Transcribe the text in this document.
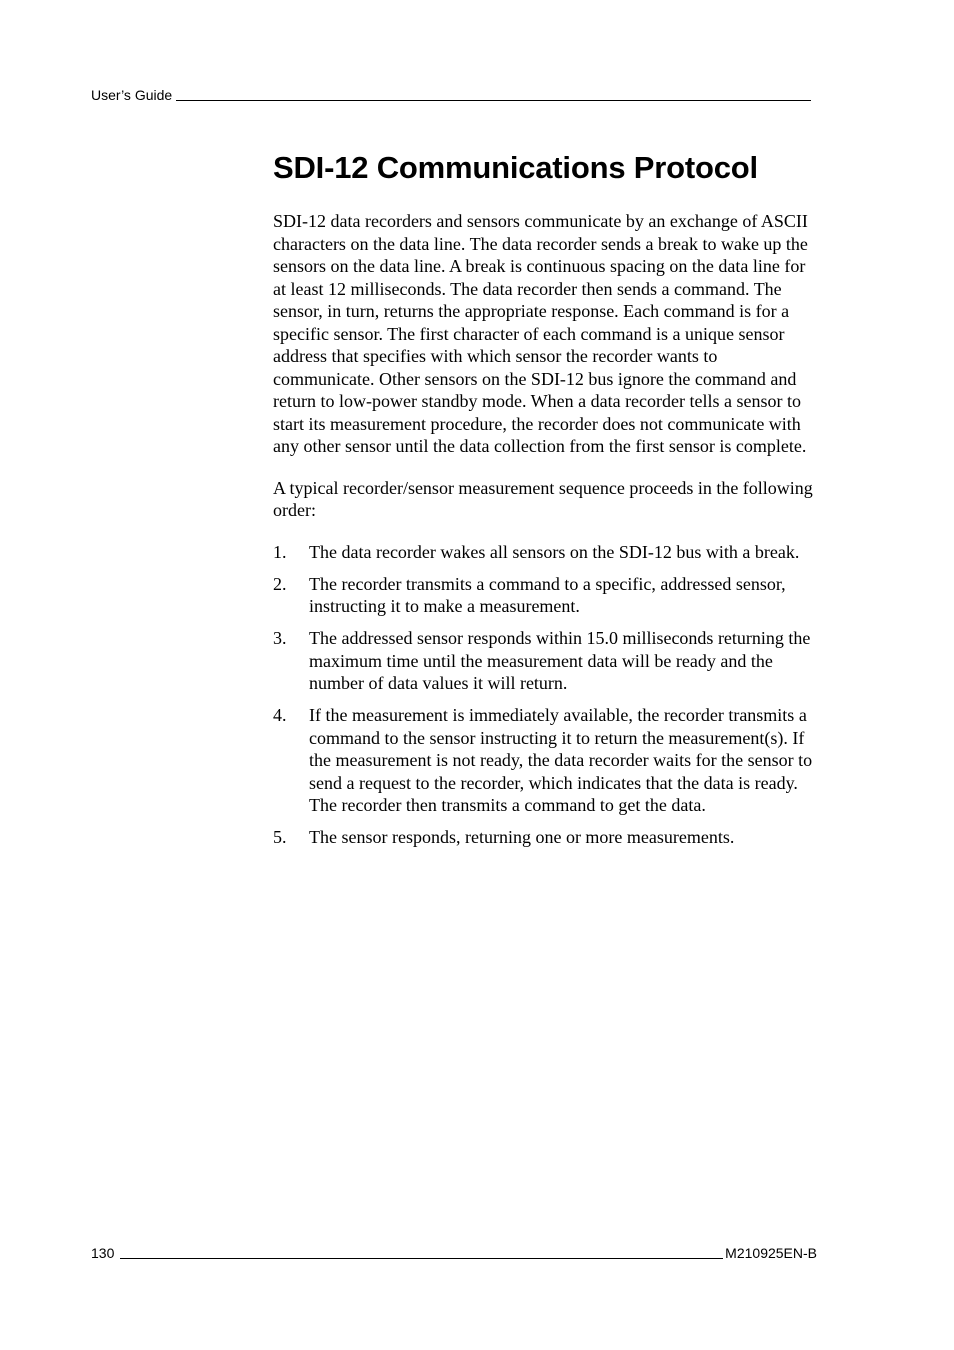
User’s Guide
SDI-12 Communications Protocol

SDI-12 data recorders and sensors communicate by an exchange of ASCII characters on the data line. The data recorder sends a break to wake up the sensors on the data line. A break is continuous spacing on the data line for at least 12 milliseconds. The data recorder then sends a command. The sensor, in turn, returns the appropriate response. Each command is for a specific sensor. The first character of each command is a unique sensor address that specifies with which sensor the recorder wants to communicate. Other sensors on the SDI-12 bus ignore the command and return to low-power standby mode. When a data recorder tells a sensor to start its measurement procedure, the recorder does not communicate with any other sensor until the data collection from the first sensor is complete.

A typical recorder/sensor measurement sequence proceeds in the following order:

1.	The data recorder wakes all sensors on the SDI-12 bus with a break.
2.	The recorder transmits a command to a specific, addressed sensor, instructing it to make a measurement.
3.	The addressed sensor responds within 15.0 milliseconds returning the maximum time until the measurement data will be ready and the number of data values it will return.
4.	If the measurement is immediately available, the recorder transmits a command to the sensor instructing it to return the measurement(s). If the measurement is not ready, the data recorder waits for the sensor to send a request to the recorder, which indicates that the data is ready. The recorder then transmits a command to get the data.
5.	The sensor responds, returning one or more measurements.
130	M210925EN-B
